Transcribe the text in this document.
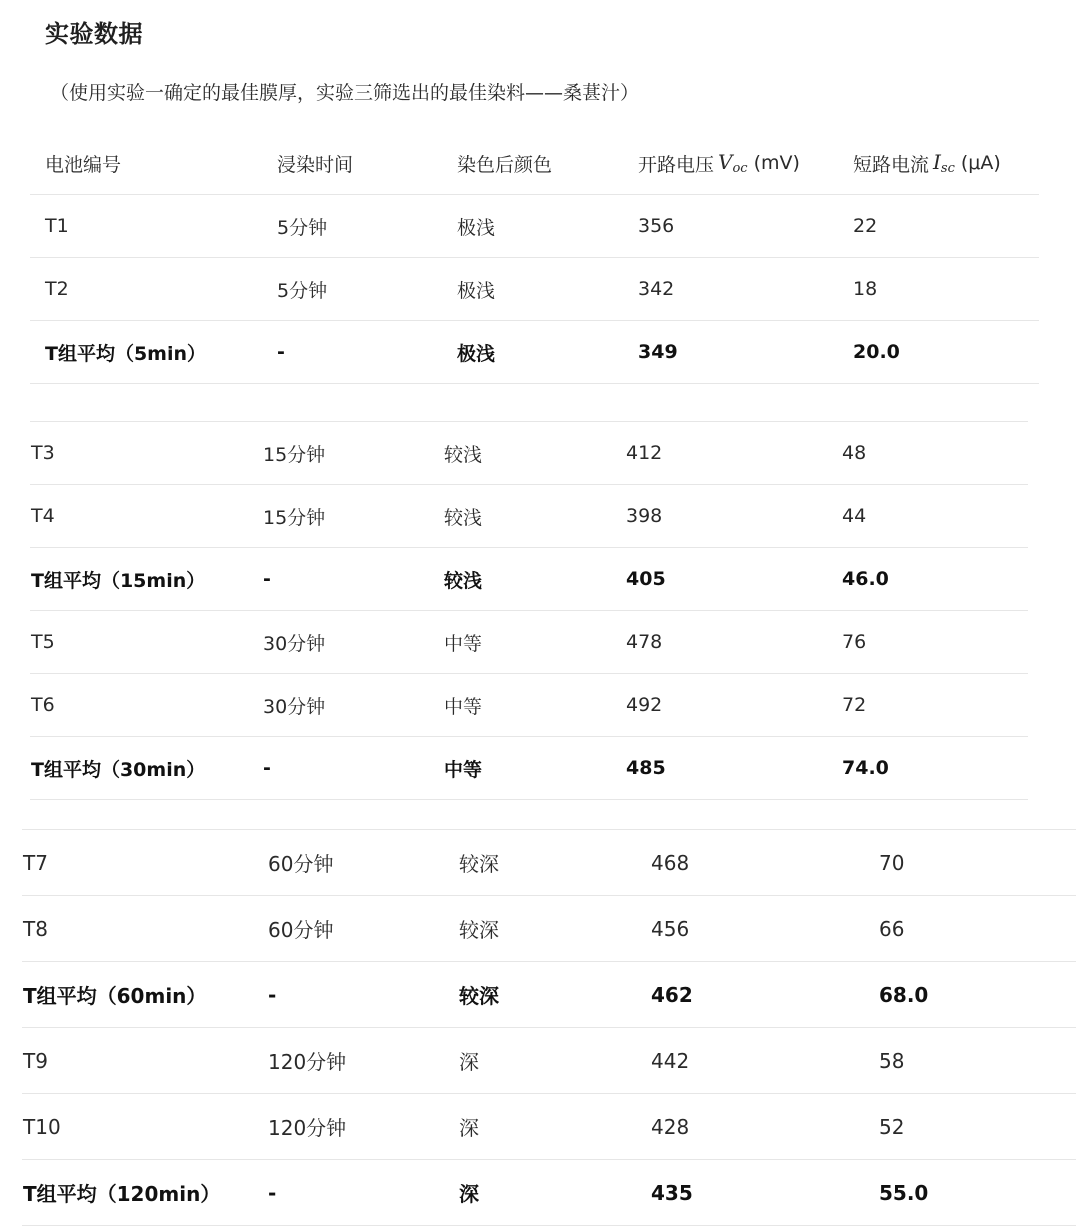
实验数据

（使用实验一确定的最佳膜厚，实验三筛选出的最佳染料——桑葚汁）

电池编号	浸染时间	染色后颜色	开路电压 $V_{oc}$ (mV)	短路电流 $I_{sc}$ (μA)
T1	5分钟	极浅	356	22
T2	5分钟	极浅	342	18
T组平均（5min）	-	极浅	349	20.0
T3	15分钟	较浅	412	48
T4	15分钟	较浅	398	44
T组平均（15min）	-	较浅	405	46.0
T5	30分钟	中等	478	76
T6	30分钟	中等	492	72
T组平均（30min）	-	中等	485	74.0
T7	60分钟	较深	468	70
T8	60分钟	较深	456	66
T组平均（60min）	-	较深	462	68.0
T9	120分钟	深	442	58
T10	120分钟	深	428	52
T组平均（120min） -	深	435	55.0
